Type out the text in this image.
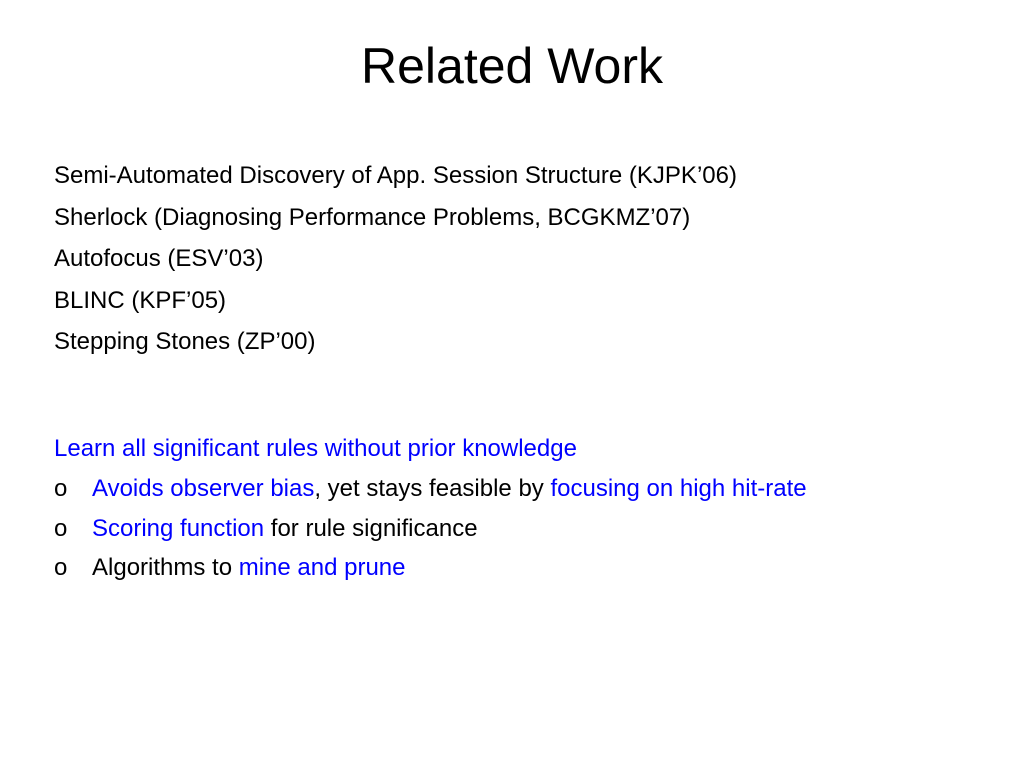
Related Work
Semi-Automated Discovery of App. Session Structure (KJPK’06)
Sherlock (Diagnosing Performance Problems, BCGKMZ’07)
Autofocus (ESV’03)
BLINC (KPF’05)
Stepping Stones (ZP’00)
Learn all significant rules without prior knowledge
o Avoids observer bias, yet stays feasible by focusing on high hit-rate
o Scoring function for rule significance
o Algorithms to mine and prune
